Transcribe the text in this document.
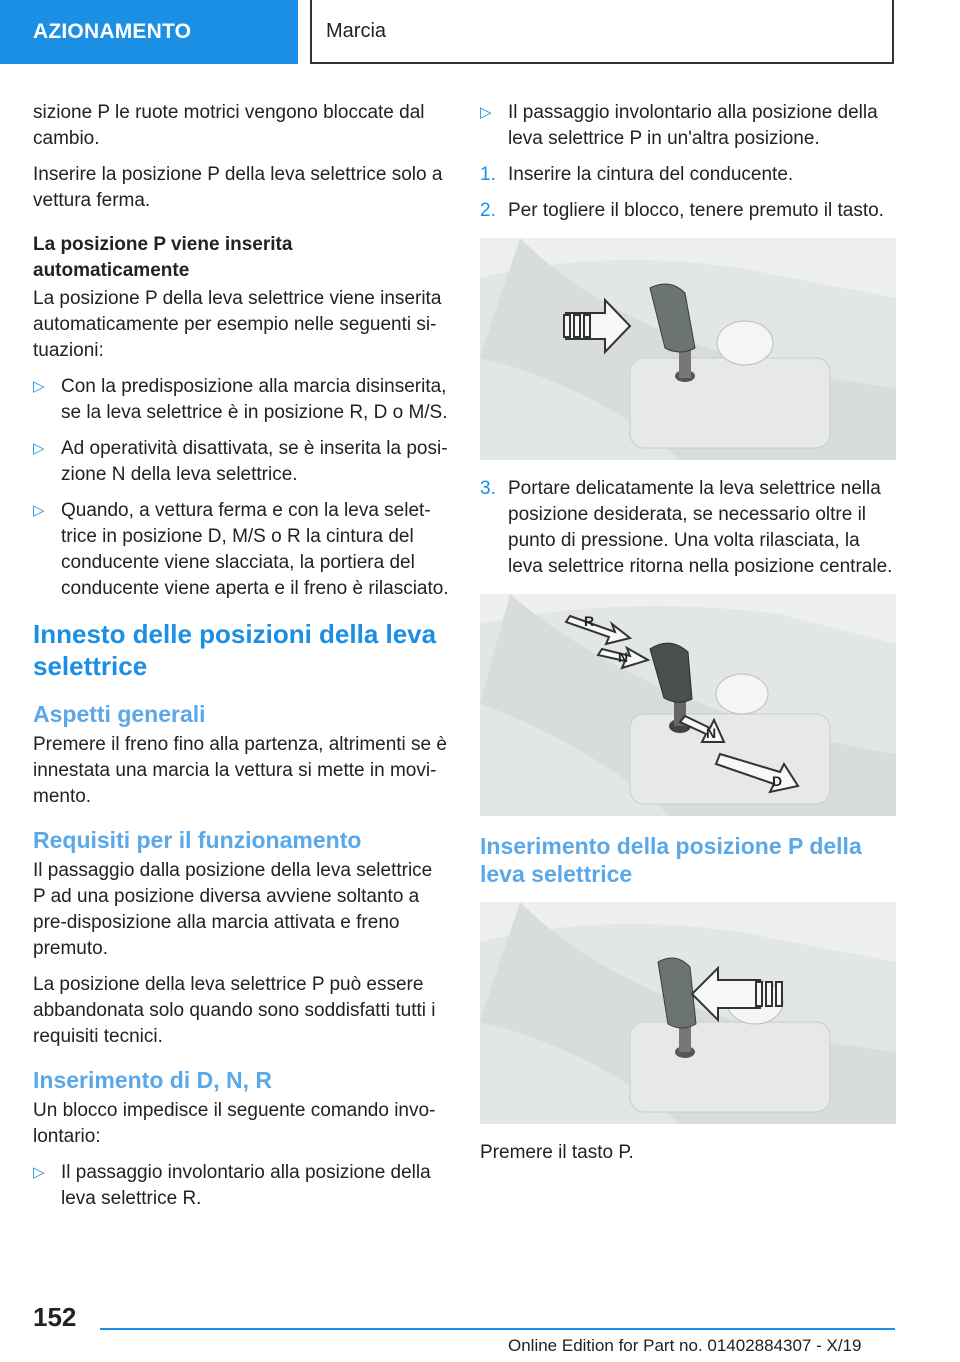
AZIONAMENTO	Marcia

sizione P le ruote motrici vengono bloccate dal cambio.

Inserire la posizione P della leva selettrice solo a vettura ferma.

La posizione P viene inserita automaticamente

La posizione P della leva selettrice viene inserita automaticamente per esempio nelle seguenti si-tuazioni:

▷ Con la predisposizione alla marcia disinserita, se la leva selettrice è in posizione R, D o M/S.
▷ Ad operatività disattivata, se è inserita la posi-zione N della leva selettrice.
▷ Quando, a vettura ferma e con la leva selet-trice in posizione D, M/S o R la cintura del conducente viene slacciata, la portiera del conducente viene aperta e il freno è rilasciato.
Innesto delle posizioni della leva selettrice
Aspetti generali

Premere il freno fino alla partenza, altrimenti se è innestata una marcia la vettura si mette in movi-mento.

Requisiti per il funzionamento

Il passaggio dalla posizione della leva selettrice P ad una posizione diversa avviene soltanto a pre-disposizione alla marcia attivata e freno premuto.

La posizione della leva selettrice P può essere abbandonata solo quando sono soddisfatti tutti i requisiti tecnici.

Inserimento di D, N, R

Un blocco impedisce il seguente comando invo-lontario:

▷ Il passaggio involontario alla posizione della leva selettrice R.
▷ Il passaggio involontario alla posizione della leva selettrice P in un'altra posizione.
1. Inserire la cintura del conducente.
2. Per togliere il blocco, tenere premuto il tasto.
3. Portare delicatamente la leva selettrice nella posizione desiderata, se necessario oltre il punto di pressione. Una volta rilasciata, la leva selettrice ritorna nella posizione centrale.
R
N
N
D
Inserimento della posizione P della leva selettrice

Premere il tasto P.

152
Online Edition for Part no. 01402884307 - X/19
